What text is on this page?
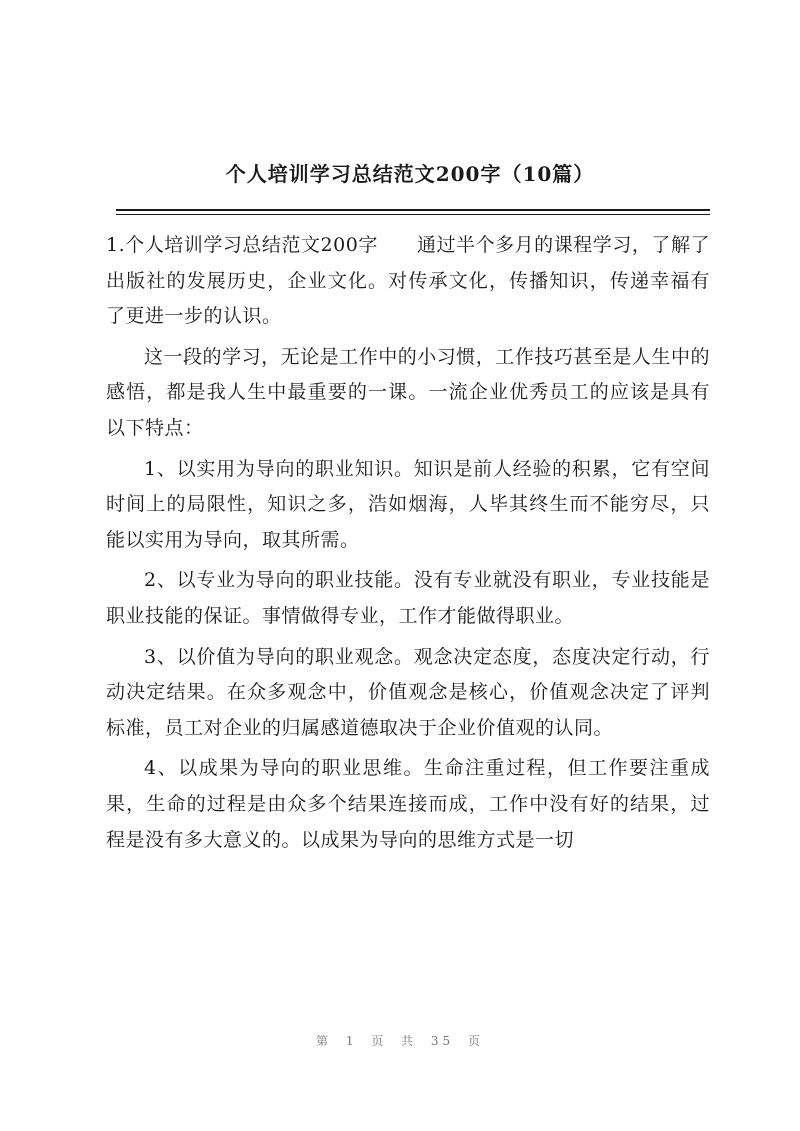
个人培训学习总结范文200字（10篇）

1.个人培训学习总结范文200字　　通过半个多月的课程学习，了解了出版社的发展历史，企业文化。对传承文化，传播知识，传递幸福有了更进一步的认识。

这一段的学习，无论是工作中的小习惯，工作技巧甚至是人生中的感悟，都是我人生中最重要的一课。一流企业优秀员工的应该是具有以下特点：

1、以实用为导向的职业知识。知识是前人经验的积累，它有空间时间上的局限性，知识之多，浩如烟海，人毕其终生而不能穷尽，只能以实用为导向，取其所需。

2、以专业为导向的职业技能。没有专业就没有职业，专业技能是职业技能的保证。事情做得专业，工作才能做得职业。

3、以价值为导向的职业观念。观念决定态度，态度决定行动，行动决定结果。在众多观念中，价值观念是核心，价值观念决定了评判标准，员工对企业的归属感道德取决于企业价值观的认同。

4、以成果为导向的职业思维。生命注重过程，但工作要注重成果，生命的过程是由众多个结果连接而成，工作中没有好的结果，过程是没有多大意义的。以成果为导向的思维方式是一切

第 1 页 共 35 页
